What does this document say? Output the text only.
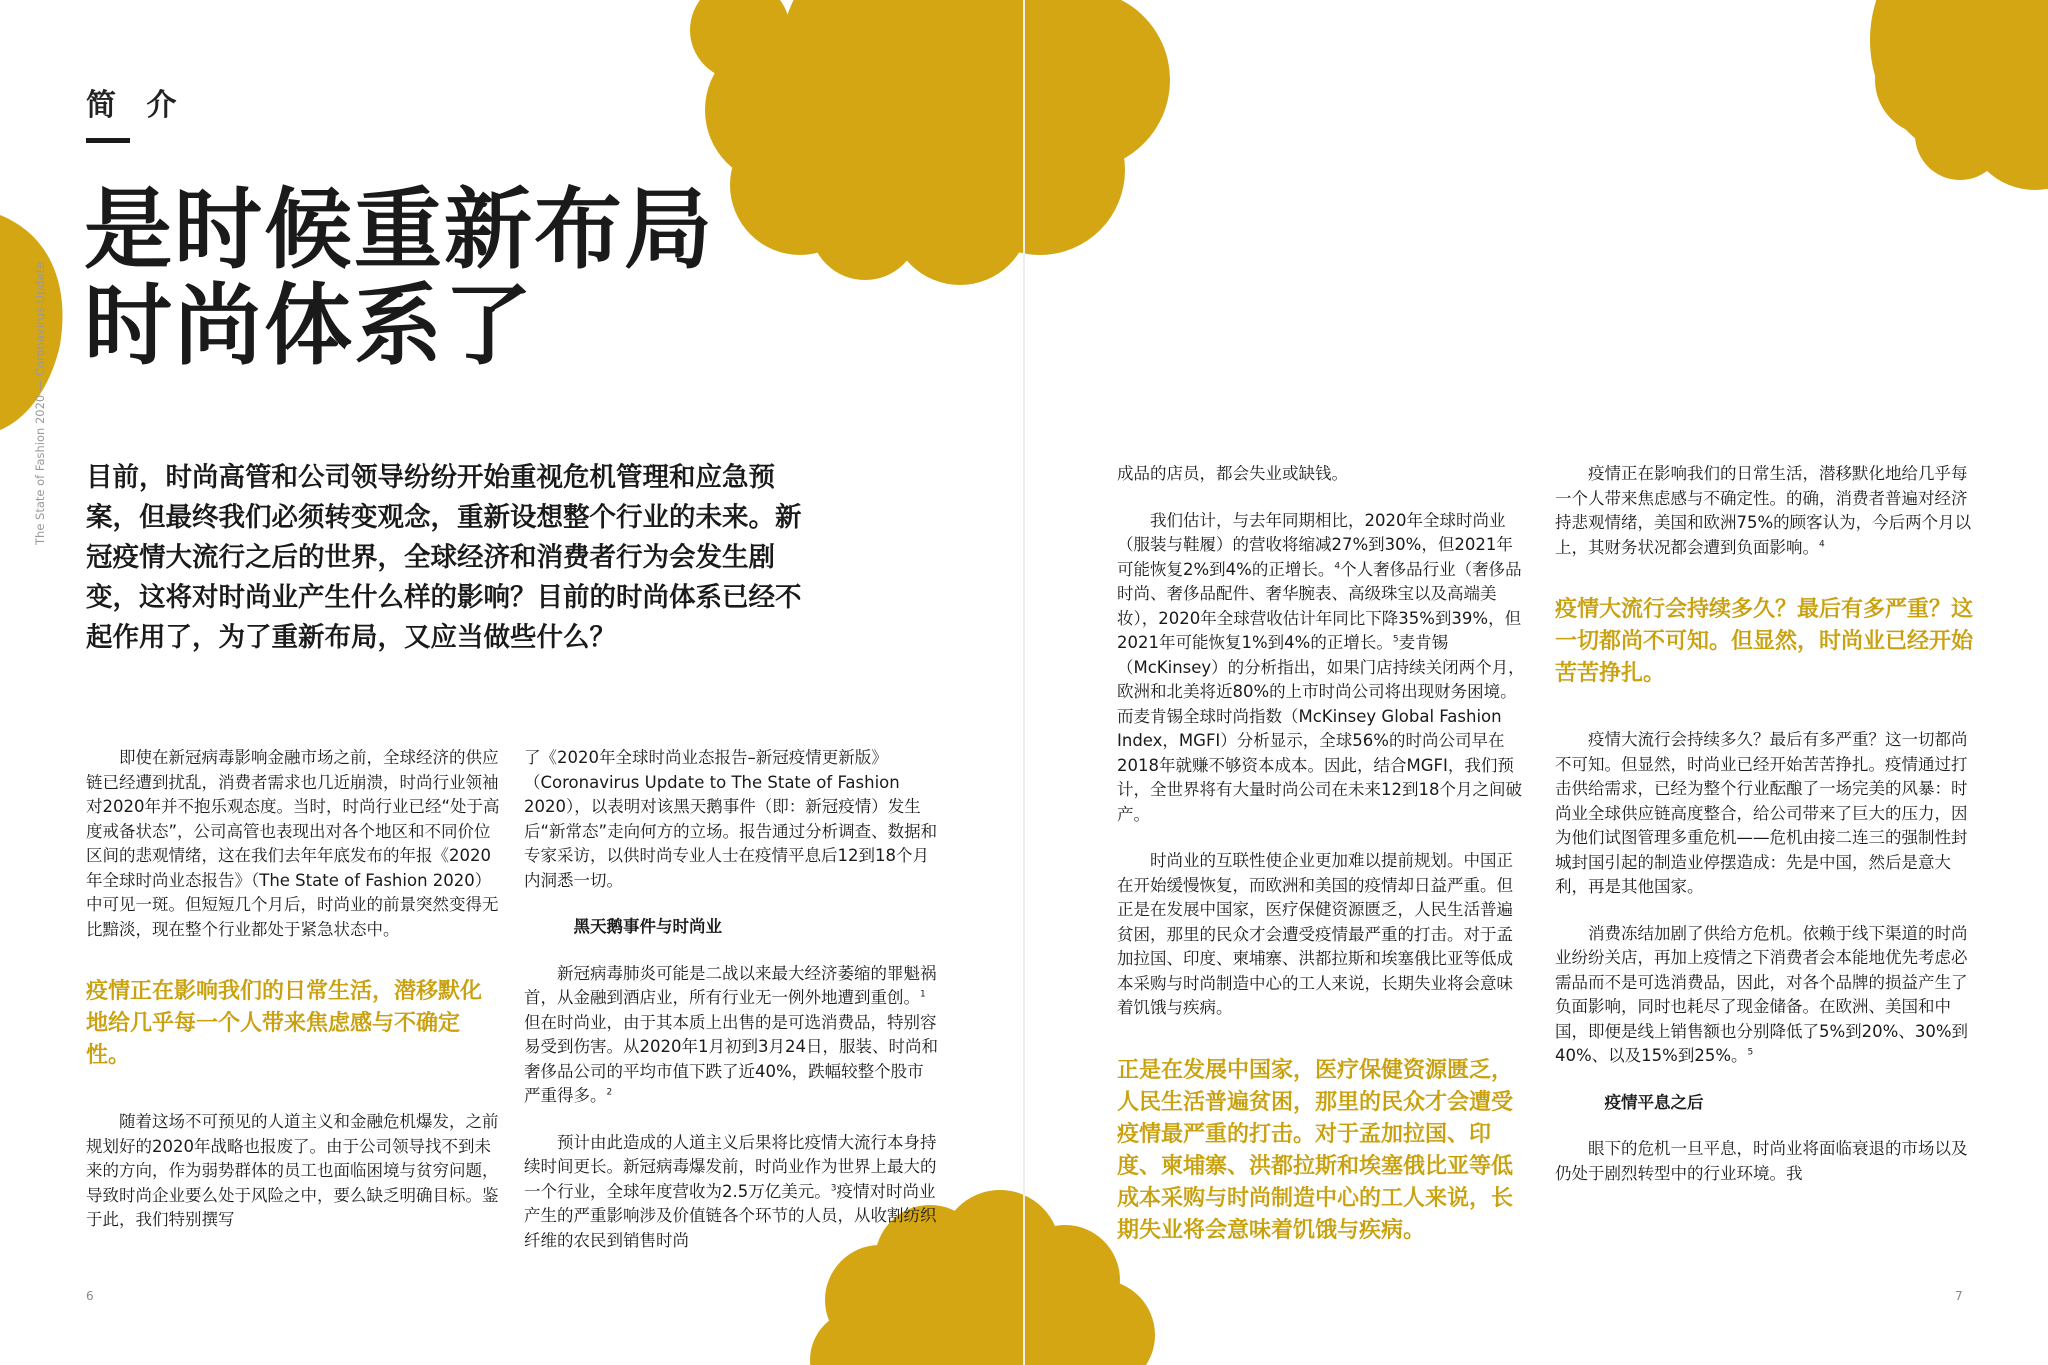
简 介
是时候重新布局
时尚体系了
The State of Fashion 2020 — Coronavirus Update 目前，时尚高管和公司领导纷纷开始重视危机管理和应急预案，但最终我们必须转变观念，重新设想整个行业的未来。新冠疫情大流行之后的世界，全球经济和消费者行为会发生剧变，这将对时尚业产生什么样的影响？目前的时尚体系已经不起作用了，为了重新布局，又应当做些什么？

即使在新冠病毒影响金融市场之前，全球经济的供应链已经遭到扰乱，消费者需求也几近崩溃，时尚行业领袖对2020年并不抱乐观态度。当时，时尚行业已经“处于高度戒备状态”，公司高管也表现出对各个地区和不同价位区间的悲观情绪，这在我们去年年底发布的年报《2020年全球时尚业态报告》（The State of Fashion 2020）中可见一斑。但短短几个月后，时尚业的前景突然变得无比黯淡，现在整个行业都处于紧急状态中。

疫情正在影响我们的日常生活，潜移默化地给几乎每一个人带来焦虑感与不确定性。

随着这场不可预见的人道主义和金融危机爆发，之前规划好的2020年战略也报废了。由于公司领导找不到未来的方向，作为弱势群体的员工也面临困境与贫穷问题，导致时尚企业要么处于风险之中，要么缺乏明确目标。鉴于此，我们特别撰写

了《2020年全球时尚业态报告–新冠疫情更新版》（Coronavirus Update to The State of Fashion 2020），以表明对该黑天鹅事件（即：新冠疫情）发生后“新常态”走向何方的立场。报告通过分析调查、数据和专家采访，以供时尚专业人士在疫情平息后12到18个月内洞悉一切。

黑天鹅事件与时尚业

新冠病毒肺炎可能是二战以来最大经济萎缩的罪魁祸首，从金融到酒店业，所有行业无一例外地遭到重创。$^1$但在时尚业，由于其本质上出售的是可选消费品，特别容易受到伤害。从2020年1月初到3月24日，服装、时尚和奢侈品公司的平均市值下跌了近40%，跌幅较整个股市严重得多。$^2$

预计由此造成的人道主义后果将比疫情大流行本身持续时间更长。新冠病毒爆发前，时尚业作为世界上最大的一个行业，全球年度营收为2.5万亿美元。$^3$疫情对时尚业产生的严重影响涉及价值链各个环节的人员，从收割纺织纤维的农民到销售时尚

6

成品的店员，都会失业或缺钱。

我们估计，与去年同期相比，2020年全球时尚业（服装与鞋履）的营收将缩减27%到30%，但2021年可能恢复2%到4%的正增长。$^4$个人奢侈品行业（奢侈品时尚、奢侈品配件、奢华腕表、高级珠宝以及高端美妆），2020年全球营收估计年同比下降35%到39%，但2021年可能恢复1%到4%的正增长。$^5$麦肯锡（McKinsey）的分析指出，如果门店持续关闭两个月，欧洲和北美将近80%的上市时尚公司将出现财务困境。而麦肯锡全球时尚指数（McKinsey Global Fashion Index，MGFI）分析显示，全球56%的时尚公司早在2018年就赚不够资本成本。因此，结合MGFI，我们预计，全世界将有大量时尚公司在未来12到18个月之间破产。

时尚业的互联性使企业更加难以提前规划。中国正在开始缓慢恢复，而欧洲和美国的疫情却日益严重。但正是在发展中国家，医疗保健资源匮乏，人民生活普遍贫困，那里的民众才会遭受疫情最严重的打击。对于孟加拉国、印度、柬埔寨、洪都拉斯和埃塞俄比亚等低成本采购与时尚制造中心的工人来说，长期失业将会意味着饥饿与疾病。

正是在发展中国家，医疗保健资源匮乏，人民生活普遍贫困，那里的民众才会遭受疫情最严重的打击。对于孟加拉国、印度、柬埔寨、洪都拉斯和埃塞俄比亚等低成本采购与时尚制造中心的工人来说，长期失业将会意味着饥饿与疾病。

疫情正在影响我们的日常生活，潜移默化地给几乎每一个人带来焦虑感与不确定性。的确，消费者普遍对经济持悲观情绪，美国和欧洲75%的顾客认为，今后两个月以上，其财务状况都会遭到负面影响。$^4$

疫情大流行会持续多久？最后有多严重？这一切都尚不可知。但显然，时尚业已经开始苦苦挣扎。

疫情大流行会持续多久？最后有多严重？这一切都尚不可知。但显然，时尚业已经开始苦苦挣扎。疫情通过打击供给需求，已经为整个行业酝酿了一场完美的风暴：时尚业全球供应链高度整合，给公司带来了巨大的压力，因为他们试图管理多重危机——危机由接二连三的强制性封城封国引起的制造业停摆造成：先是中国，然后是意大利，再是其他国家。

消费冻结加剧了供给方危机。依赖于线下渠道的时尚业纷纷关店，再加上疫情之下消费者会本能地优先考虑必需品而不是可选消费品，因此，对各个品牌的损益产生了负面影响，同时也耗尽了现金储备。在欧洲、美国和中国，即便是线上销售额也分别降低了5%到20%、30%到40%、以及15%到25%。$^5$

疫情平息之后

眼下的危机一旦平息，时尚业将面临衰退的市场以及仍处于剧烈转型中的行业环境。我

7
